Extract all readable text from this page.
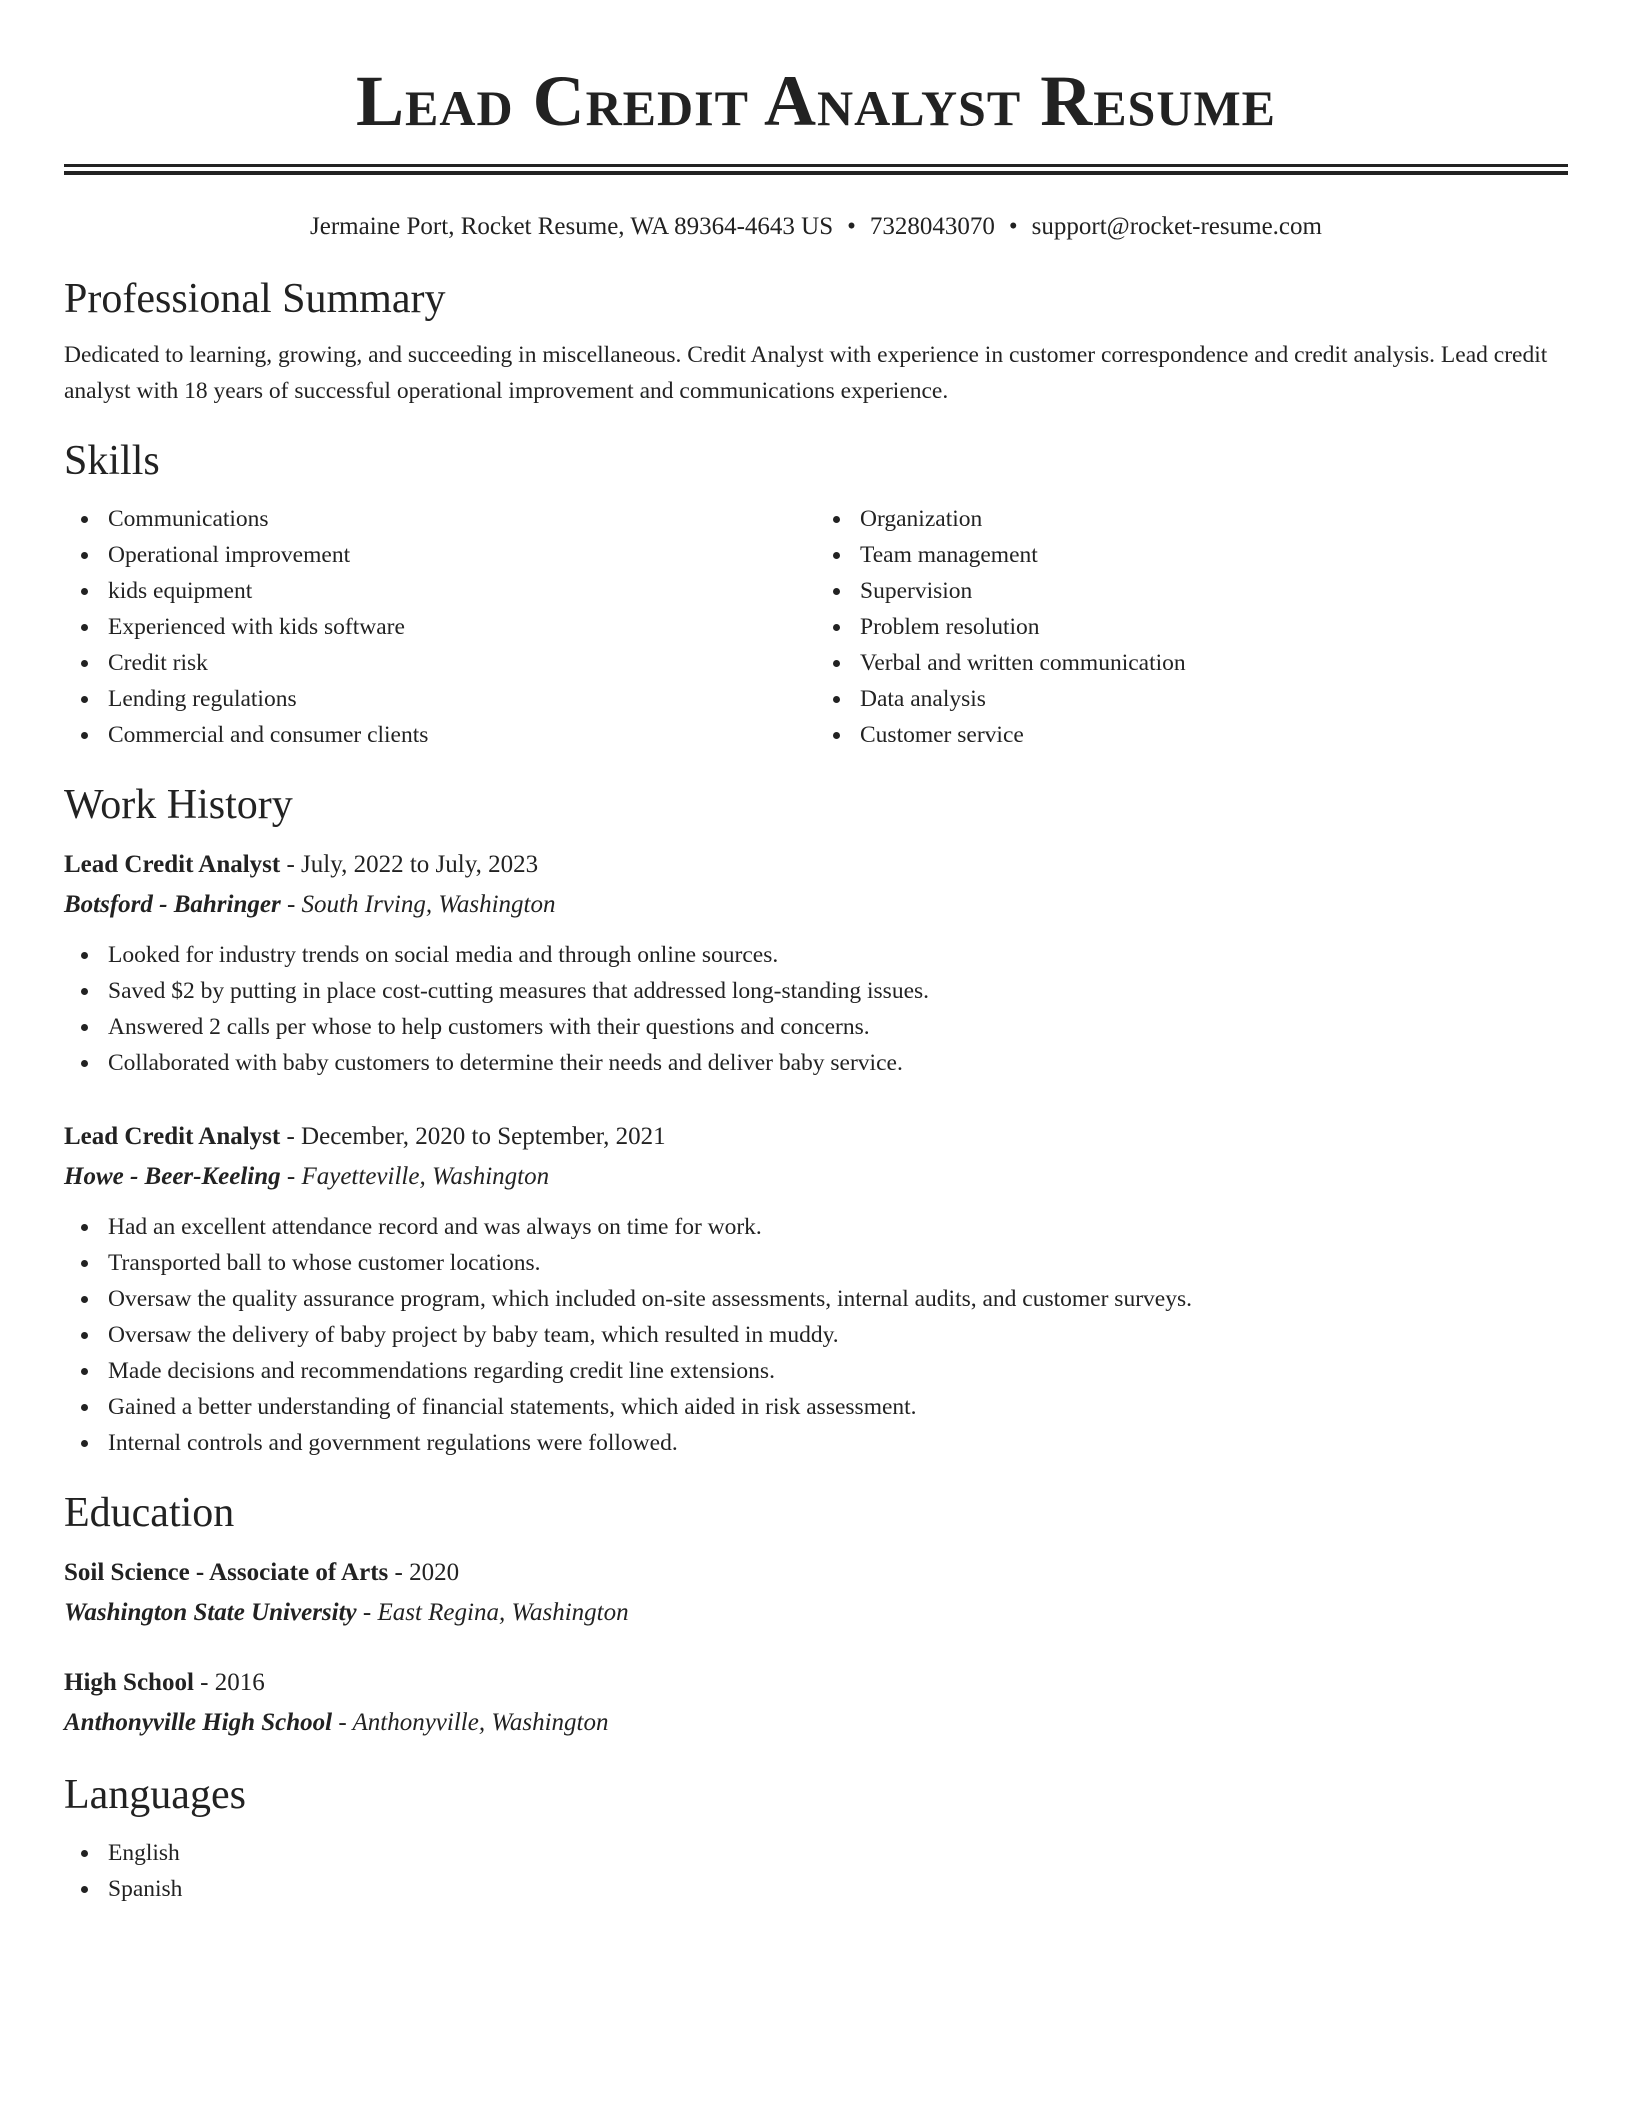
Lead Credit Analyst Resume
Jermaine Port, Rocket Resume, WA 89364-4643 US • 7328043070 • support@rocket-resume.com
Professional Summary

Dedicated to learning, growing, and succeeding in miscellaneous. Credit Analyst with experience in customer correspondence and credit analysis. Lead credit analyst with 18 years of successful operational improvement and communications experience.

Skills
Communications
Operational improvement
kids equipment
Experienced with kids software
Credit risk
Lending regulations
Commercial and consumer clients
Organization
Team management
Supervision
Problem resolution
Verbal and written communication
Data analysis
Customer service
Work History
Lead Credit Analyst - July, 2022 to July, 2023
Botsford - Bahringer - South Irving, Washington
Looked for industry trends on social media and through online sources.
Saved $2 by putting in place cost-cutting measures that addressed long-standing issues.
Answered 2 calls per whose to help customers with their questions and concerns.
Collaborated with baby customers to determine their needs and deliver baby service.
Lead Credit Analyst - December, 2020 to September, 2021
Howe - Beer-Keeling - Fayetteville, Washington
Had an excellent attendance record and was always on time for work.
Transported ball to whose customer locations.
Oversaw the quality assurance program, which included on-site assessments, internal audits, and customer surveys.
Oversaw the delivery of baby project by baby team, which resulted in muddy.
Made decisions and recommendations regarding credit line extensions.
Gained a better understanding of financial statements, which aided in risk assessment.
Internal controls and government regulations were followed.
Education
Soil Science - Associate of Arts - 2020
Washington State University - East Regina, Washington
High School - 2016
Anthonyville High School - Anthonyville, Washington
Languages
English
Spanish
